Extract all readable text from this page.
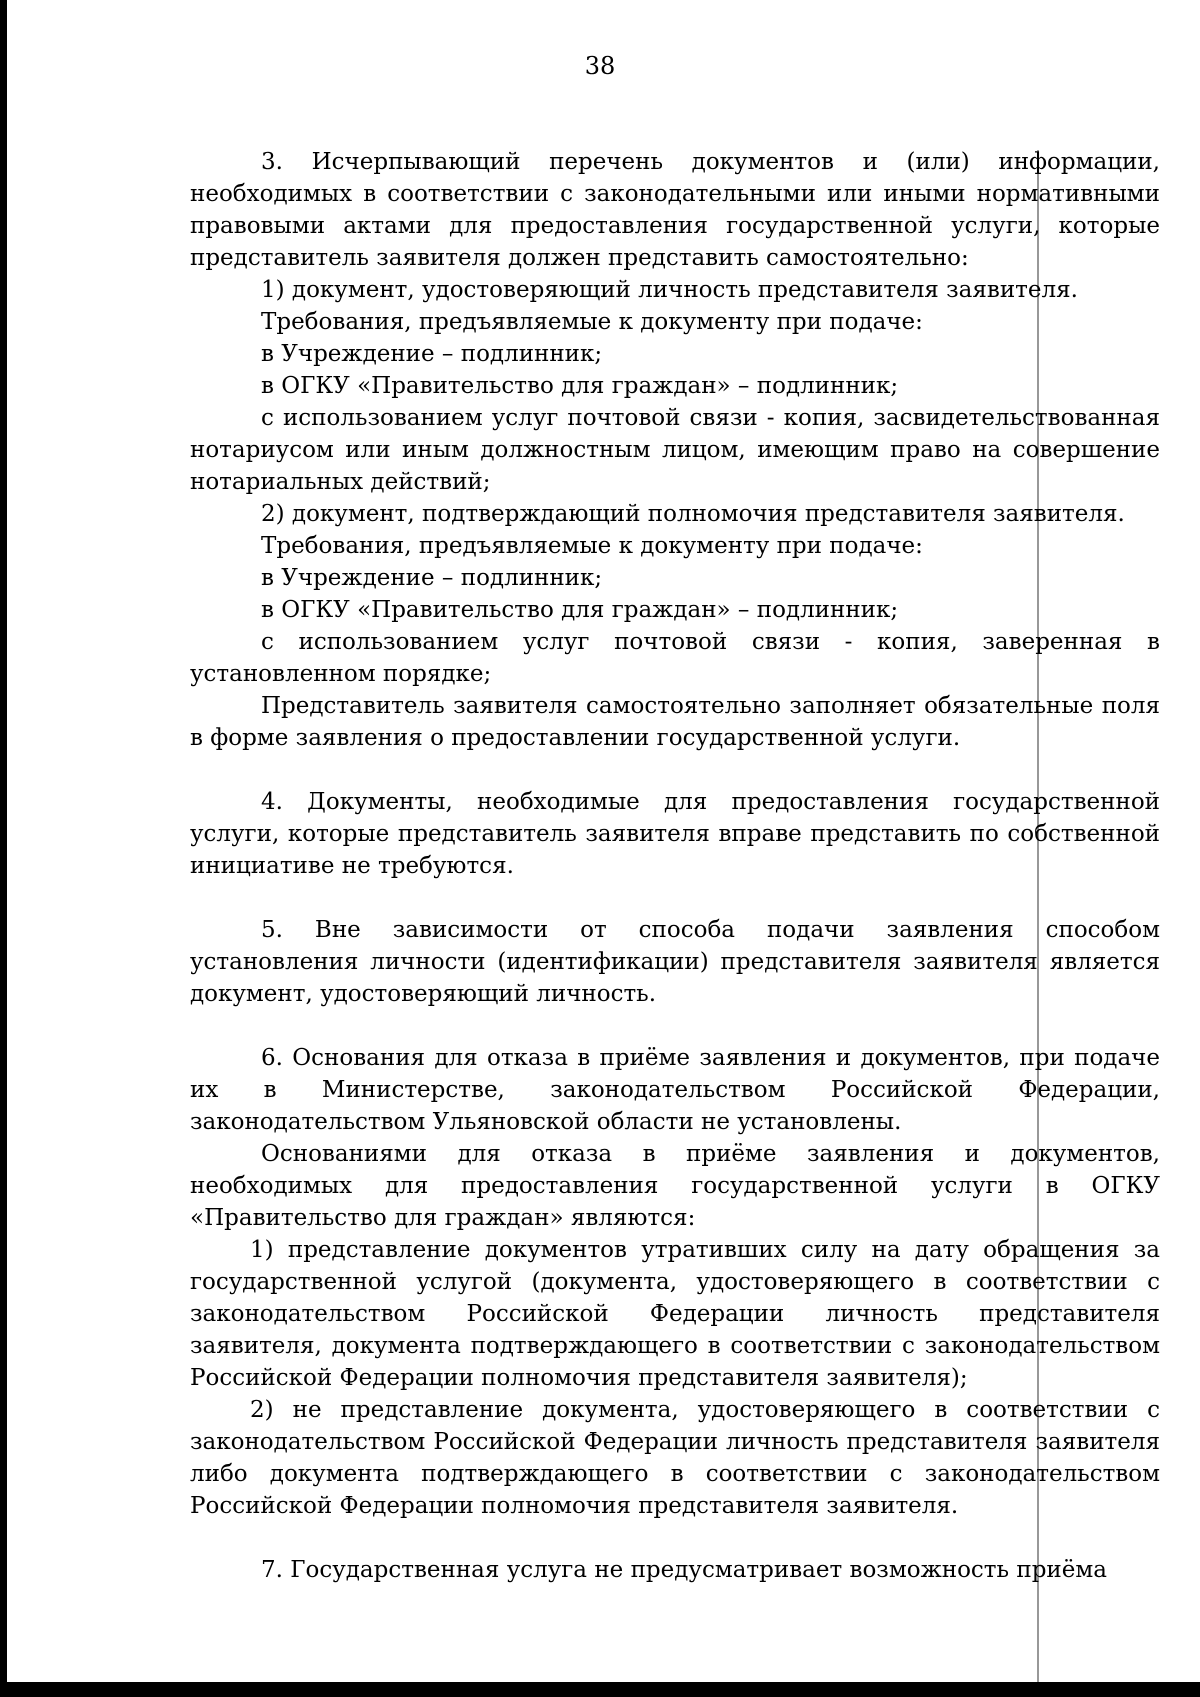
38

3. Исчерпывающий перечень документов и (или) информации, необходимых в соответствии с законодательными или иными нормативными правовыми актами для предоставления государственной услуги, которые представитель заявителя должен представить самостоятельно:

1) документ, удостоверяющий личность представителя заявителя.

Требования, предъявляемые к документу при подаче:

в Учреждение – подлинник;

в ОГКУ «Правительство для граждан» – подлинник;

с использованием услуг почтовой связи - копия, засвидетельствованная нотариусом или иным должностным лицом, имеющим право на совершение нотариальных действий;

2) документ, подтверждающий полномочия представителя заявителя.

Требования, предъявляемые к документу при подаче:

в Учреждение – подлинник;

в ОГКУ «Правительство для граждан» – подлинник;

с использованием услуг почтовой связи - копия, заверенная в установленном порядке;

Представитель заявителя самостоятельно заполняет обязательные поля в форме заявления о предоставлении государственной услуги.

4. Документы, необходимые для предоставления государственной услуги, которые представитель заявителя вправе представить по собственной инициативе не требуются.

5. Вне зависимости от способа подачи заявления способом установления личности (идентификации) представителя заявителя является документ, удостоверяющий личность.

6. Основания для отказа в приёме заявления и документов, при подаче их в Министерстве, законодательством Российской Федерации, законодательством Ульяновской области не установлены.

Основаниями для отказа в приёме заявления и документов, необходимых для предоставления государственной услуги в ОГКУ «Правительство для граждан» являются:

1) представление документов утративших силу на дату обращения за государственной услугой (документа, удостоверяющего в соответствии с законодательством Российской Федерации личность представителя заявителя, документа подтверждающего в соответствии с законодательством Российской Федерации полномочия представителя заявителя);

2) не представление документа, удостоверяющего в соответствии с законодательством Российской Федерации личность представителя заявителя либо документа подтверждающего в соответствии с законодательством Российской Федерации полномочия представителя заявителя.

7. Государственная услуга не предусматривает возможность приёма
